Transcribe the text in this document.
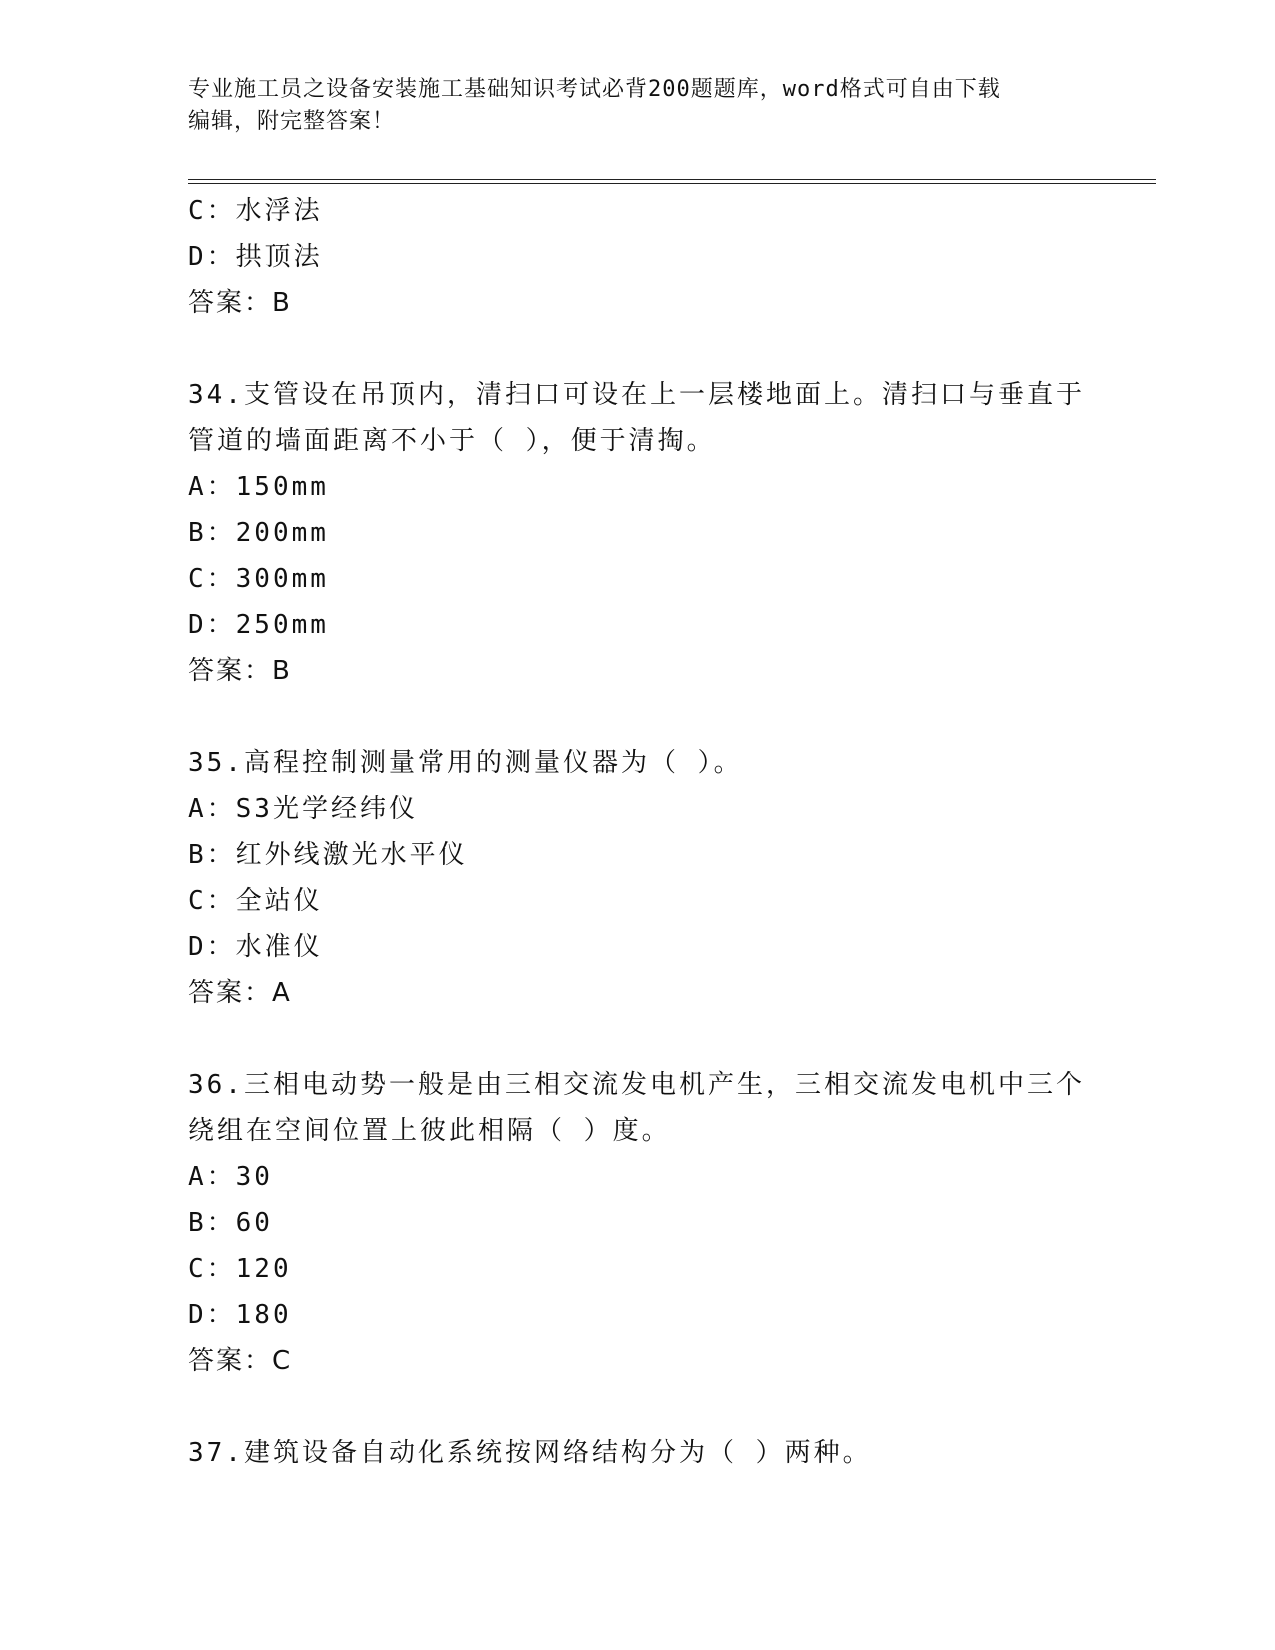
专业施工员之设备安装施工基础知识考试必背200题题库，word格式可自由下载
编辑，附完整答案！
C：水浮法
D：拱顶法
答案：B
34.支管设在吊顶内，清扫口可设在上一层楼地面上。清扫口与垂直于
管道的墙面距离不小于（ ），便于清掏。
A：150mm
B：200mm
C：300mm
D：250mm
答案：B
35.高程控制测量常用的测量仪器为（ ）。
A：S3光学经纬仪
B：红外线激光水平仪
C：全站仪
D：水准仪
答案：A
36.三相电动势一般是由三相交流发电机产生，三相交流发电机中三个
绕组在空间位置上彼此相隔（ ）度。
A：30
B：60
C：120
D：180
答案：C
37.建筑设备自动化系统按网络结构分为（ ）两种。
